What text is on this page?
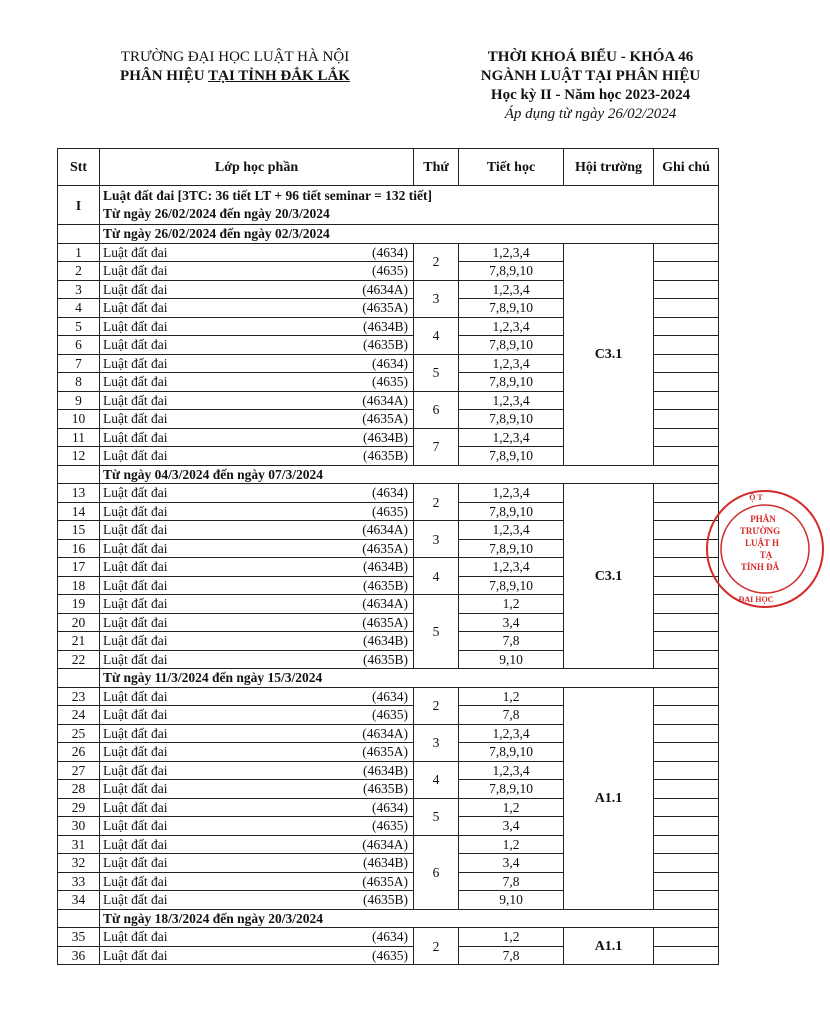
TRƯỜNG ĐẠI HỌC LUẬT HÀ NỘI
PHÂN HIỆU TẠI TỈNH ĐẮK LẮK
THỜI KHOÁ BIỂU - KHÓA 46
NGÀNH LUẬT TẠI PHÂN HIỆU
Học kỳ II - Năm học 2023-2024
Áp dụng từ ngày 26/02/2024
Stt	Lớp học phần	Thứ	Tiết học	Hội trường	Ghi chú
I	Luật đất đai [3TC: 36 tiết LT + 96 tiết seminar = 132 tiết]
Từ ngày 26/02/2024 đến ngày 20/3/2024				

	Từ ngày 26/02/2024 đến ngày 02/3/2024				
1	Luật đất đai (4634)	2	1,2,3,4	C3.1	
2	Luật đất đai (4635)		7,8,9,10		
3	Luật đất đai (4634A)	3	1,2,3,4		
4	Luật đất đai (4635A)		7,8,9,10		
5	Luật đất đai (4634B)	4	1,2,3,4		
6	Luật đất đai (4635B)		7,8,9,10		
7	Luật đất đai (4634)	5	1,2,3,4		
8	Luật đất đai (4635)		7,8,9,10		
9	Luật đất đai (4634A)	6	1,2,3,4		
10	Luật đất đai (4635A)		7,8,9,10		
11	Luật đất đai (4634B)	7	1,2,3,4		
12	Luật đất đai (4635B)		7,8,9,10		
	Từ ngày 04/3/2024 đến ngày 07/3/2024				
13	Luật đất đai (4634)	2	1,2,3,4	C3.1	
14	Luật đất đai (4635)		7,8,9,10		
15	Luật đất đai (4634A)	3	1,2,3,4		
16	Luật đất đai (4635A)		7,8,9,10		
17	Luật đất đai (4634B)	4	1,2,3,4		
18	Luật đất đai (4635B)		7,8,9,10		
19	Luật đất đai (4634A)	5	1,2		
20	Luật đất đai (4635A)		3,4		
21	Luật đất đai (4634B)		7,8		
22	Luật đất đai (4635B)		9,10		
	Từ ngày 11/3/2024 đến ngày 15/3/2024				
23	Luật đất đai (4634)	2	1,2	A1.1	
24	Luật đất đai (4635)		7,8		
25	Luật đất đai (4634A)	3	1,2,3,4		
26	Luật đất đai (4635A)		7,8,9,10		
27	Luật đất đai (4634B)	4	1,2,3,4		
28	Luật đất đai (4635B)		7,8,9,10		
29	Luật đất đai (4634)	5	1,2		
30	Luật đất đai (4635)		3,4		
31	Luật đất đai (4634A)	6	1,2		
32	Luật đất đai (4634B)		3,4		
33	Luật đất đai (4635A)		7,8		
34	Luật đất đai (4635B)		9,10		
	Từ ngày 18/3/2024 đến ngày 20/3/2024				
35	Luật đất đai (4634)	2	1,2	A1.1	
36	Luật đất đai (4635)		7,8		
PHÂN
TRƯỜNG
LUẬT H
TẠ
TỈNH ĐẮ
Ộ T
ĐẠI HỌC
